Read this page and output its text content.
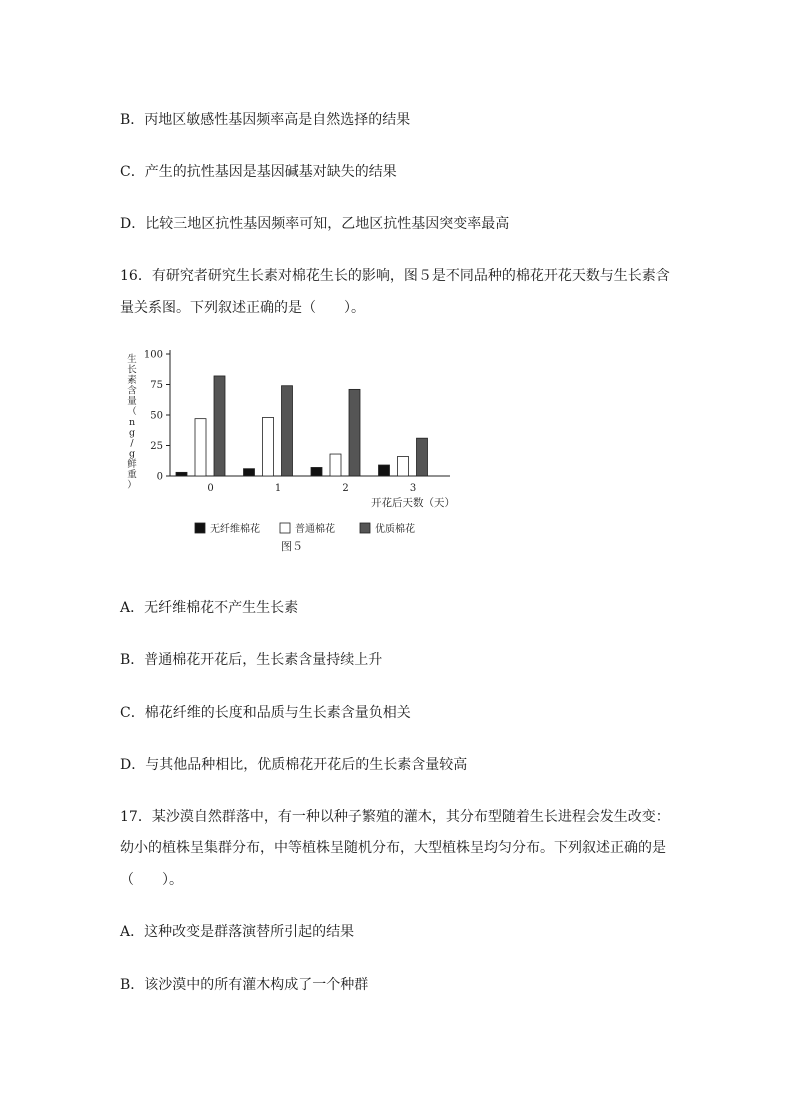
B．丙地区敏感性基因频率高是自然选择的结果
C．产生的抗性基因是基因碱基对缺失的结果
D．比较三地区抗性基因频率可知，乙地区抗性基因突变率最高
16．有研究者研究生长素对棉花生长的影响，图５是不同品种的棉花开花天数与生长素含
量关系图。下列叙述正确的是（　　）。
生
长
素
含
量
（
n
g
/
g
鲜
重
）
0
25
50
75
100
0	1	2	3
开花后天数（天）
无纤维棉花	普通棉花	优质棉花
图５
A．无纤维棉花不产生生长素
B．普通棉花开花后，生长素含量持续上升
C．棉花纤维的长度和品质与生长素含量负相关
D．与其他品种相比，优质棉花开花后的生长素含量较高
17．某沙漠自然群落中，有一种以种子繁殖的灌木，其分布型随着生长进程会发生改变：
幼小的植株呈集群分布，中等植株呈随机分布，大型植株呈均匀分布。下列叙述正确的是
（　　）。
A．这种改变是群落演替所引起的结果
B．该沙漠中的所有灌木构成了一个种群
